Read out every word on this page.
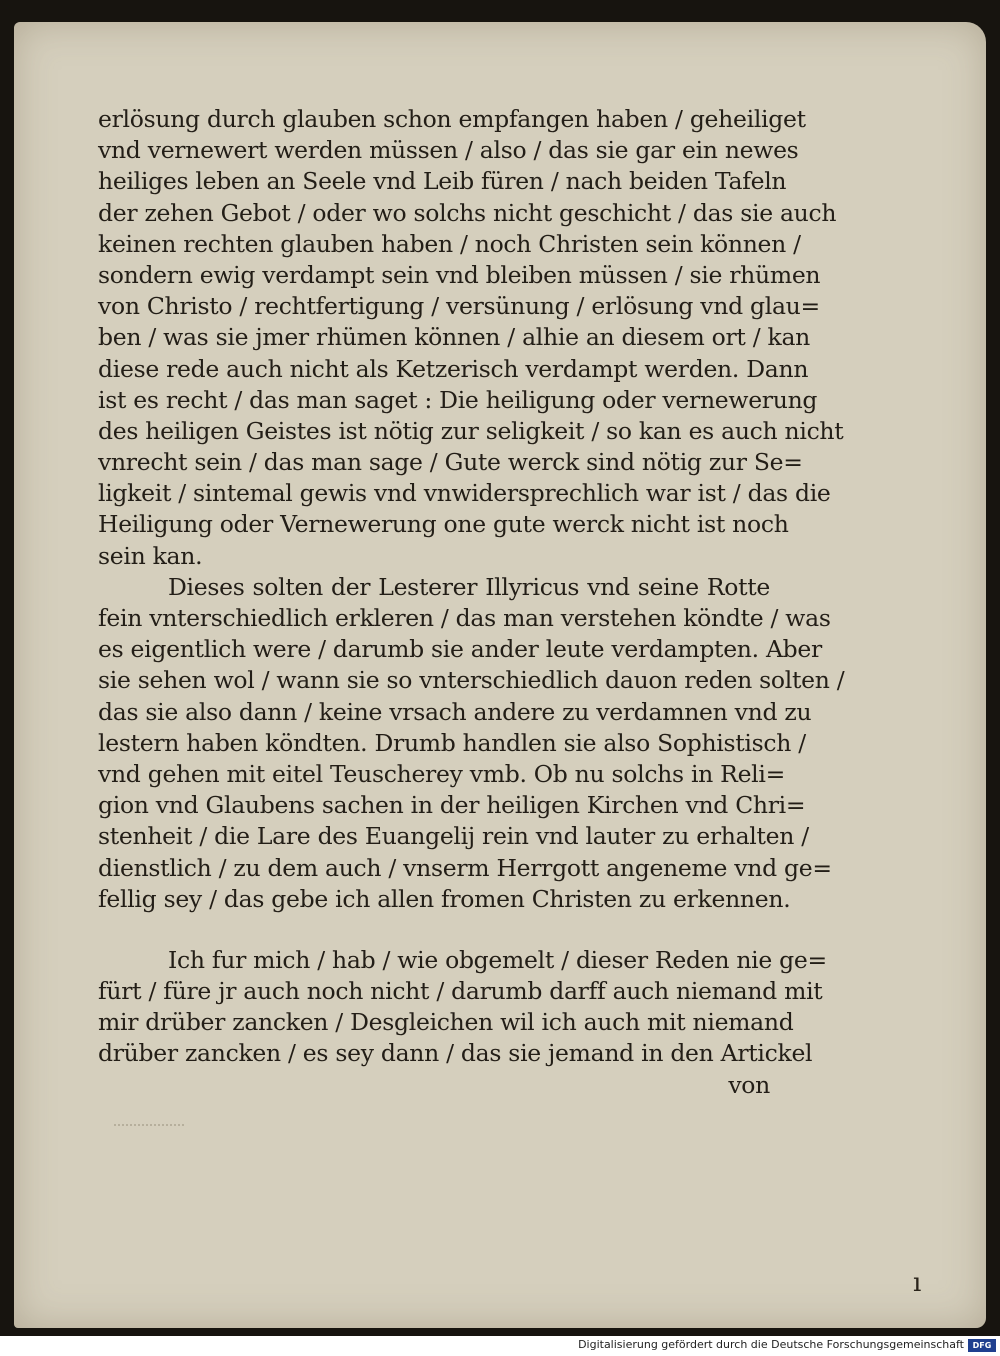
erlösung durch glauben schon empfangen haben / geheiliget
vnd vernewert werden müssen / also / das sie gar ein newes
heiliges leben an Seele vnd Leib füren / nach beiden Tafeln
der zehen Gebot / oder wo solchs nicht geschicht / das sie auch
keinen rechten glauben haben / noch Christen sein können /
sondern ewig verdampt sein vnd bleiben müssen / sie rhümen
von Christo / rechtfertigung / versünung / erlösung vnd glau=
ben / was sie jmer rhümen können / alhie an diesem ort / kan
diese rede auch nicht als Ketzerisch verdampt werden. Dann
ist es recht / das man saget : Die heiligung oder vernewerung
des heiligen Geistes ist nötig zur seligkeit / so kan es auch nicht
vnrecht sein / das man sage / Gute werck sind nötig zur Se=
ligkeit / sintemal gewis vnd vnwidersprechlich war ist / das die
Heiligung oder Vernewerung one gute werck nicht ist noch
sein kan.
Dieses solten der Lesterer Illyricus vnd seine Rotte
fein vnterschiedlich erkleren / das man verstehen köndte / was
es eigentlich were / darumb sie ander leute verdampten. Aber
sie sehen wol / wann sie so vnterschiedlich dauon reden solten /
das sie also dann / keine vrsach andere zu verdamnen vnd zu
lestern haben köndten. Drumb handlen sie also Sophistisch /
vnd gehen mit eitel Teuscherey vmb. Ob nu solchs in Reli=
gion vnd Glaubens sachen in der heiligen Kirchen vnd Chri=
stenheit / die Lare des Euangelij rein vnd lauter zu erhalten /
dienstlich / zu dem auch / vnserm Herrgott angeneme vnd ge=
fellig sey / das gebe ich allen fromen Christen zu erkennen.
Ich fur mich / hab / wie obgemelt / dieser Reden nie ge=
fürt / füre jr auch noch nicht / darumb darff auch niemand mit
mir drüber zancken / Desgleichen wil ich auch mit niemand
drüber zancken / es sey dann / das sie jemand in den Artickel
von
ı
Digitalisierung gefördert durch die Deutsche Forschungsgemeinschaft	DFG
